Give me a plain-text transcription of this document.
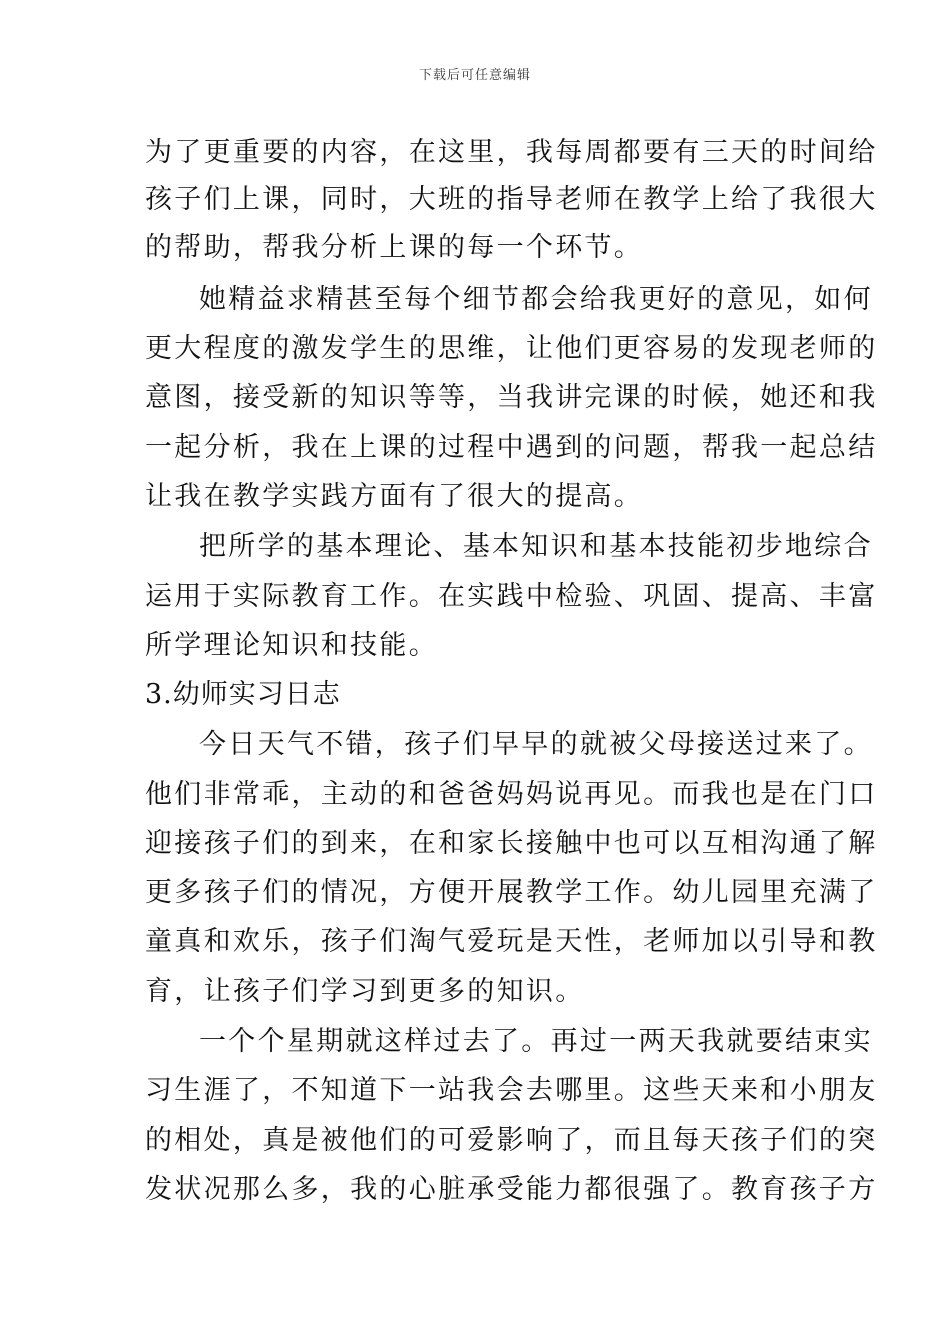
下载后可任意编辑
为了更重要的内容，在这里，我每周都要有三天的时间给
孩子们上课，同时，大班的指导老师在教学上给了我很大
的帮助，帮我分析上课的每一个环节。
她精益求精甚至每个细节都会给我更好的意见，如何
更大程度的激发学生的思维，让他们更容易的发现老师的
意图，接受新的知识等等，当我讲完课的时候，她还和我
一起分析，我在上课的过程中遇到的问题，帮我一起总结
让我在教学实践方面有了很大的提高。
把所学的基本理论、基本知识和基本技能初步地综合
运用于实际教育工作。在实践中检验、巩固、提高、丰富
所学理论知识和技能。
3.幼师实习日志
今日天气不错，孩子们早早的就被父母接送过来了。
他们非常乖，主动的和爸爸妈妈说再见。而我也是在门口
迎接孩子们的到来，在和家长接触中也可以互相沟通了解
更多孩子们的情况，方便开展教学工作。幼儿园里充满了
童真和欢乐，孩子们淘气爱玩是天性，老师加以引导和教
育，让孩子们学习到更多的知识。
一个个星期就这样过去了。再过一两天我就要结束实
习生涯了，不知道下一站我会去哪里。这些天来和小朋友
的相处，真是被他们的可爱影响了，而且每天孩子们的突
发状况那么多，我的心脏承受能力都很强了。教育孩子方
